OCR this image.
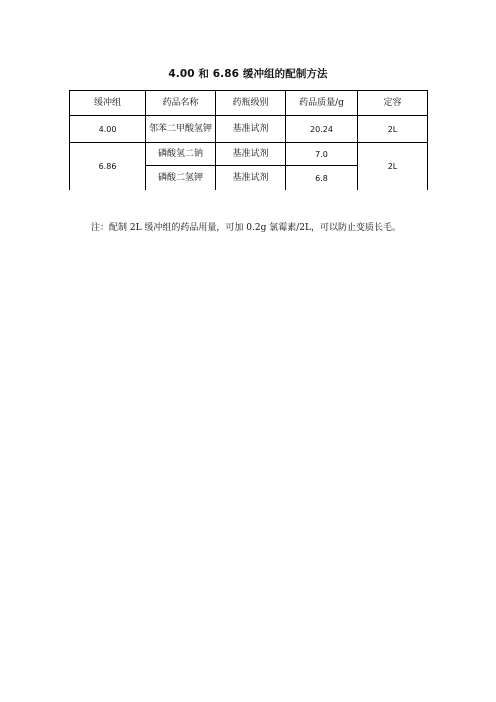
4.00 和 6.86 缓冲组的配制方法
缓冲组	药品名称	药瓶级别	药品质量/g	定容
4.00	邻苯二甲酸氢钾	基准试剂	20.24	2L
6.86	磷酸氢二钠	基准试剂	7.0	2L
	磷酸二氢钾	基准试剂	6.8	
注：配制 2L 缓冲组的药品用量，可加 0.2g 氯霉素/2L，可以防止变质长毛。
